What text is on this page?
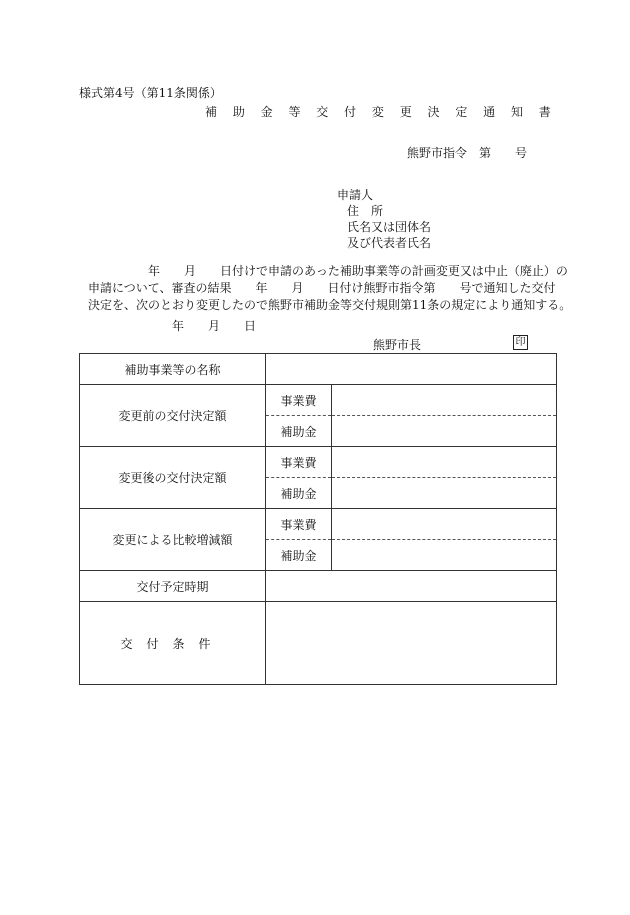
様式第4号（第11条関係）
補 助 金 等 交 付 変 更 決 定 通 知 書
熊野市指令　第　　号
申請人
住　所
氏名又は団体名
及び代表者氏名
　　　　　年　　月　　日付けで申請のあった補助事業等の計画変更又は中止（廃止）の
申請について、審査の結果　　年　　月　　日付け熊野市指令第　　号で通知した交付
決定を、次のとおり変更したので熊野市補助金等交付規則第11条の規定により通知する。
　　　　　　　年　　月　　日
熊野市長	印
補助事業等の名称		
変更前の交付決定額	事業費	
	補助金	
変更後の交付決定額	事業費	
	補助金	
変更による比較増減額	事業費	
	補助金	
交付予定時期		
交付条件		
